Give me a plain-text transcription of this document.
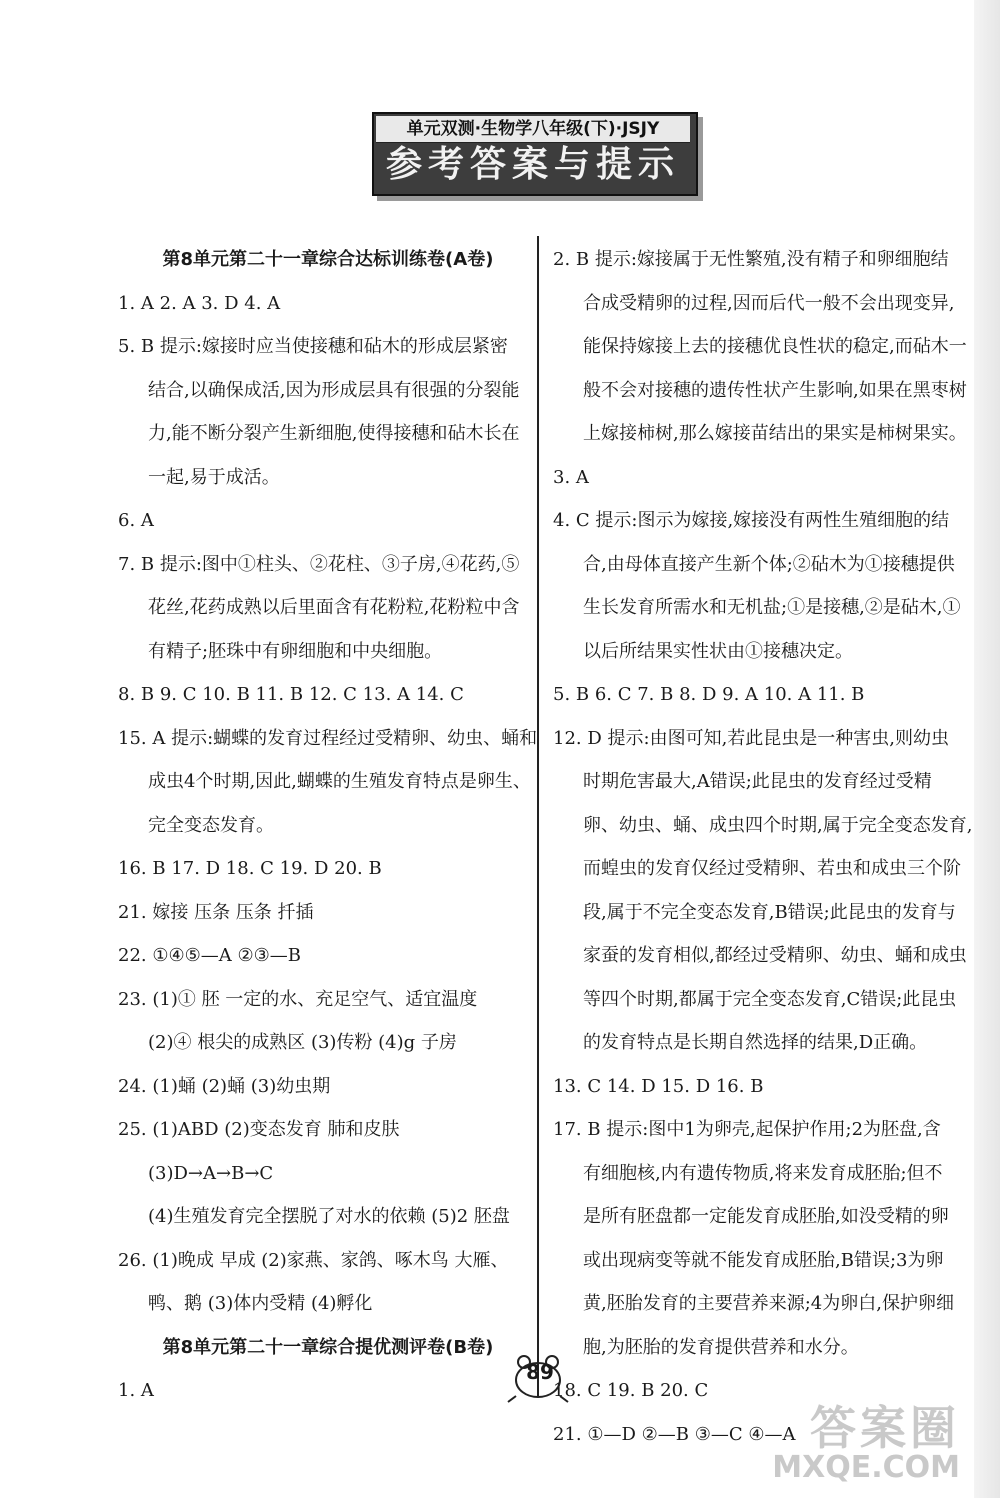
单元双测·生物学八年级(下)·JSJY
参考答案与提示
第8单元第二十一章综合达标训练卷(A卷)
1. A 2. A 3. D 4. A
5. B 提示:嫁接时应当使接穗和砧木的形成层紧密
结合,以确保成活,因为形成层具有很强的分裂能
力,能不断分裂产生新细胞,使得接穗和砧木长在
一起,易于成活。
6. A
7. B 提示:图中①柱头、②花柱、③子房,④花药,⑤
花丝,花药成熟以后里面含有花粉粒,花粉粒中含
有精子;胚珠中有卵细胞和中央细胞。
8. B 9. C 10. B 11. B 12. C 13. A 14. C
15. A 提示:蝴蝶的发育过程经过受精卵、幼虫、蛹和
成虫4个时期,因此,蝴蝶的生殖发育特点是卵生、
完全变态发育。
16. B 17. D 18. C 19. D 20. B
21. 嫁接 压条 压条 扦插
22. ①④⑤—A ②③—B
23. (1)① 胚 一定的水、充足空气、适宜温度
(2)④ 根尖的成熟区 (3)传粉 (4)g 子房
24. (1)蛹 (2)蛹 (3)幼虫期
25. (1)ABD (2)变态发育 肺和皮肤
(3)D→A→B→C
(4)生殖发育完全摆脱了对水的依赖 (5)2 胚盘
26. (1)晚成 早成 (2)家燕、家鸽、啄木鸟 大雁、
鸭、鹅 (3)体内受精 (4)孵化
第8单元第二十一章综合提优测评卷(B卷)
1. A
2. B 提示:嫁接属于无性繁殖,没有精子和卵细胞结
合成受精卵的过程,因而后代一般不会出现变异,
能保持嫁接上去的接穗优良性状的稳定,而砧木一
般不会对接穗的遗传性状产生影响,如果在黑枣树
上嫁接柿树,那么嫁接苗结出的果实是柿树果实。
3. A
4. C 提示:图示为嫁接,嫁接没有两性生殖细胞的结
合,由母体直接产生新个体;②砧木为①接穗提供
生长发育所需水和无机盐;①是接穗,②是砧木,①
以后所结果实性状由①接穗决定。
5. B 6. C 7. B 8. D 9. A 10. A 11. B
12. D 提示:由图可知,若此昆虫是一种害虫,则幼虫
时期危害最大,A错误;此昆虫的发育经过受精
卵、幼虫、蛹、成虫四个时期,属于完全变态发育,
而蝗虫的发育仅经过受精卵、若虫和成虫三个阶
段,属于不完全变态发育,B错误;此昆虫的发育与
家蚕的发育相似,都经过受精卵、幼虫、蛹和成虫
等四个时期,都属于完全变态发育,C错误;此昆虫
的发育特点是长期自然选择的结果,D正确。
13. C 14. D 15. D 16. B
17. B 提示:图中1为卵壳,起保护作用;2为胚盘,含
有细胞核,内有遗传物质,将来发育成胚胎;但不
是所有胚盘都一定能发育成胚胎,如没受精的卵
或出现病变等就不能发育成胚胎,B错误;3为卵
黄,胚胎发育的主要营养来源;4为卵白,保护卵细
胞,为胚胎的发育提供营养和水分。
18. C 19. B 20. C
21. ①—D ②—B ③—C ④—A
89
答案圈
MXQE.COM
